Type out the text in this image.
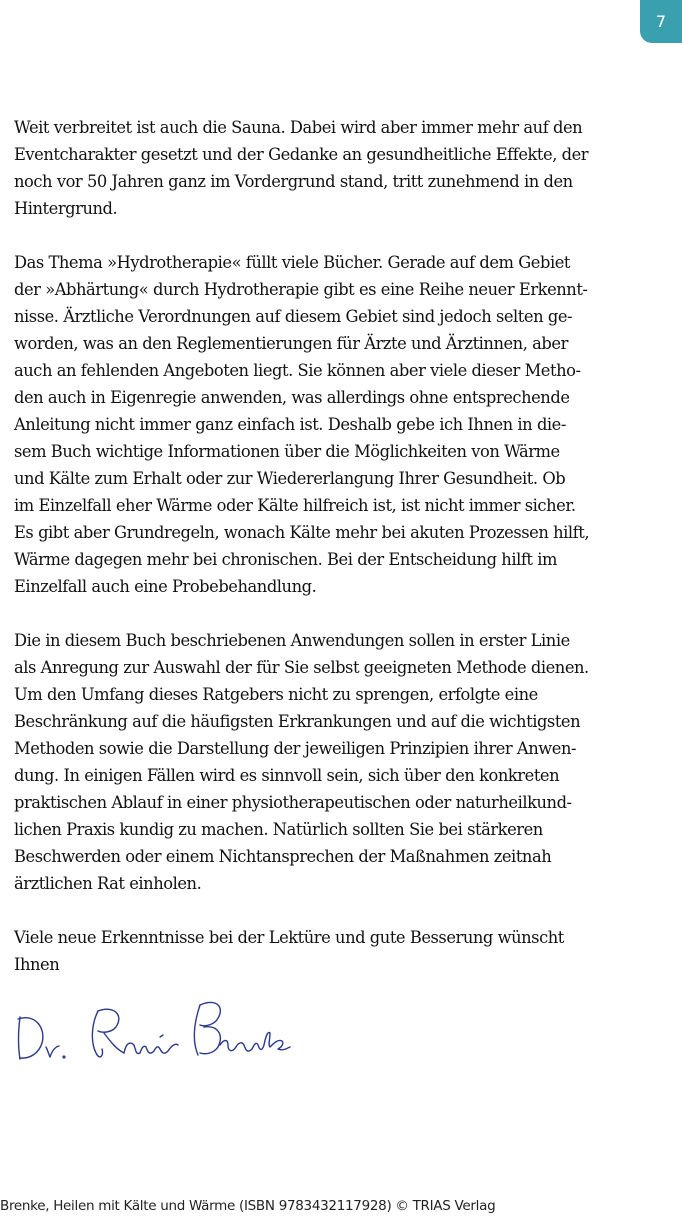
7

Weit verbreitet ist auch die Sauna. Dabei wird aber immer mehr auf den
Eventcharakter gesetzt und der Gedanke an gesundheitliche Effekte, der
noch vor 50 Jahren ganz im Vordergrund stand, tritt zunehmend in den
Hintergrund.

Das Thema »Hydrotherapie« füllt viele Bücher. Gerade auf dem Gebiet
der »Abhärtung« durch Hydrotherapie gibt es eine Reihe neuer Erkennt-
nisse. Ärztliche Verordnungen auf diesem Gebiet sind jedoch selten ge-
worden, was an den Reglementierungen für Ärzte und Ärztinnen, aber
auch an fehlenden Angeboten liegt. Sie können aber viele dieser Metho-
den auch in Eigenregie anwenden, was allerdings ohne entsprechende
Anleitung nicht immer ganz einfach ist. Deshalb gebe ich Ihnen in die-
sem Buch wichtige Informationen über die Möglichkeiten von Wärme
und Kälte zum Erhalt oder zur Wiedererlangung Ihrer Gesundheit. Ob
im Einzelfall eher Wärme oder Kälte hilfreich ist, ist nicht immer sicher.
Es gibt aber Grundregeln, wonach Kälte mehr bei akuten Prozessen hilft,
Wärme dagegen mehr bei chronischen. Bei der Entscheidung hilft im
Einzelfall auch eine Probebehandlung.

Die in diesem Buch beschriebenen Anwendungen sollen in erster Linie
als Anregung zur Auswahl der für Sie selbst geeigneten Methode dienen.
Um den Umfang dieses Ratgebers nicht zu sprengen, erfolgte eine
Beschränkung auf die häufigsten Erkrankungen und auf die wichtigsten
Methoden sowie die Darstellung der jeweiligen Prinzipien ihrer Anwen-
dung. In einigen Fällen wird es sinnvoll sein, sich über den konkreten
praktischen Ablauf in einer physiotherapeutischen oder naturheilkund-
lichen Praxis kundig zu machen. Natürlich sollten Sie bei stärkeren
Beschwerden oder einem Nichtansprechen der Maßnahmen zeitnah
ärztlichen Rat einholen.

Viele neue Erkenntnisse bei der Lektüre und gute Besserung wünscht
Ihnen

Brenke, Heilen mit Kälte und Wärme (ISBN 9783432117928) © TRIAS Verlag
